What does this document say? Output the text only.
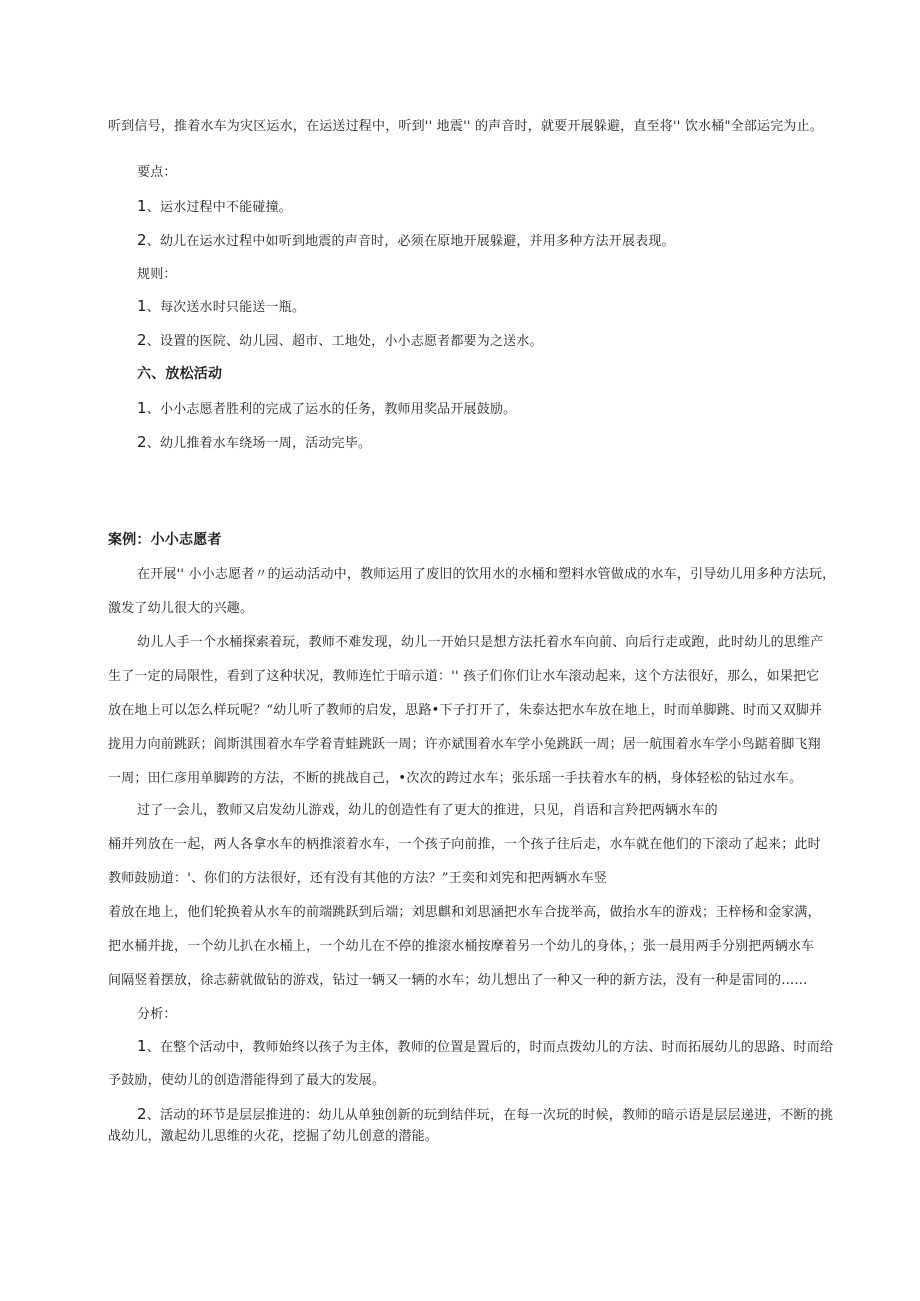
听到信号，推着水车为灾区运水，在运送过程中，听到'' 地震'' 的声音时，就要开展躲避，直至将'' 饮水桶"全部运完为止。
要点：
1、运水过程中不能碰撞。
2、幼儿在运水过程中如听到地震的声音时，必须在原地开展躲避，并用多种方法开展表现。
规则：
1、每次送水时只能送一瓶。
2、设置的医院、幼儿园、超市、工地处，小小志愿者都要为之送水。
六、放松活动
1、小小志愿者胜利的完成了运水的任务，教师用奖品开展鼓励。
2、幼儿推着水车绕场一周，活动完毕。
案例：小小志愿者
在开展'' 小小志愿者〃的运动活动中，教师运用了废旧的饮用水的水桶和塑料水管做成的水车，引导幼儿用多种方法玩，
激发了幼儿很大的兴趣。
幼儿人手一个水桶探索着玩，教师不难发现，幼儿一开始只是想方法托着水车向前、向后行走或跑，此时幼儿的思维产
生了一定的局限性，看到了这种状况，教师连忙于暗示道：'' 孩子们你们让水车滚动起来，这个方法很好，那么，如果把它
放在地上可以怎么样玩呢？“幼儿听了教师的启发，思路•下子打开了，朱泰达把水车放在地上，时而单脚跳、时而又双脚并
拢用力向前跳跃；阎斯淇围着水车学着青蛙跳跃一周；许亦斌围着水车学小兔跳跃一周；居一航围着水车学小鸟踮着脚飞翔
一周；田仁彦用单脚跨的方法，不断的挑战自己，•次次的跨过水车；张乐瑶一手扶着水车的柄，身体轻松的钻过水车。
过了一会儿，教师又启发幼儿游戏，幼儿的创造性有了更大的推进，只见，肖语和言羚把两辆水车的
桶并列放在一起，两人各拿水车的柄推滚着水车，一个孩子向前推，一个孩子往后走，水车就在他们的下滚动了起来；此时
教师鼓励道：'、你们的方法很好，还有没有其他的方法？”王奕和刘宪和把两辆水车竖
着放在地上，他们轮换着从水车的前端跳跃到后端；刘思麒和刘思涵把水车合拢举高，做抬水车的游戏；王梓杨和金家满，
把水桶并拢，一个幼儿扒在水桶上，一个幼儿在不停的推滚水桶按摩着另一个幼儿的身体，；张一晨用两手分别把两辆水车
间隔竖着摆放，徐志薪就做钻的游戏，钻过一辆又一辆的水车；幼儿想出了一种又一种的新方法，没有一种是雷同的……
分析：
1、在整个活动中，教师始终以孩子为主体，教师的位置是置后的，时而点拨幼儿的方法、时而拓展幼儿的思路、时而给
予鼓励，使幼儿的创造潜能得到了最大的发展。
2、活动的环节是层层推进的：幼儿从单独创新的玩到结伴玩，在每一次玩的时候，教师的暗示语是层层递进，不断的挑
战幼儿，激起幼儿思维的火花，挖掘了幼儿创意的潜能。
